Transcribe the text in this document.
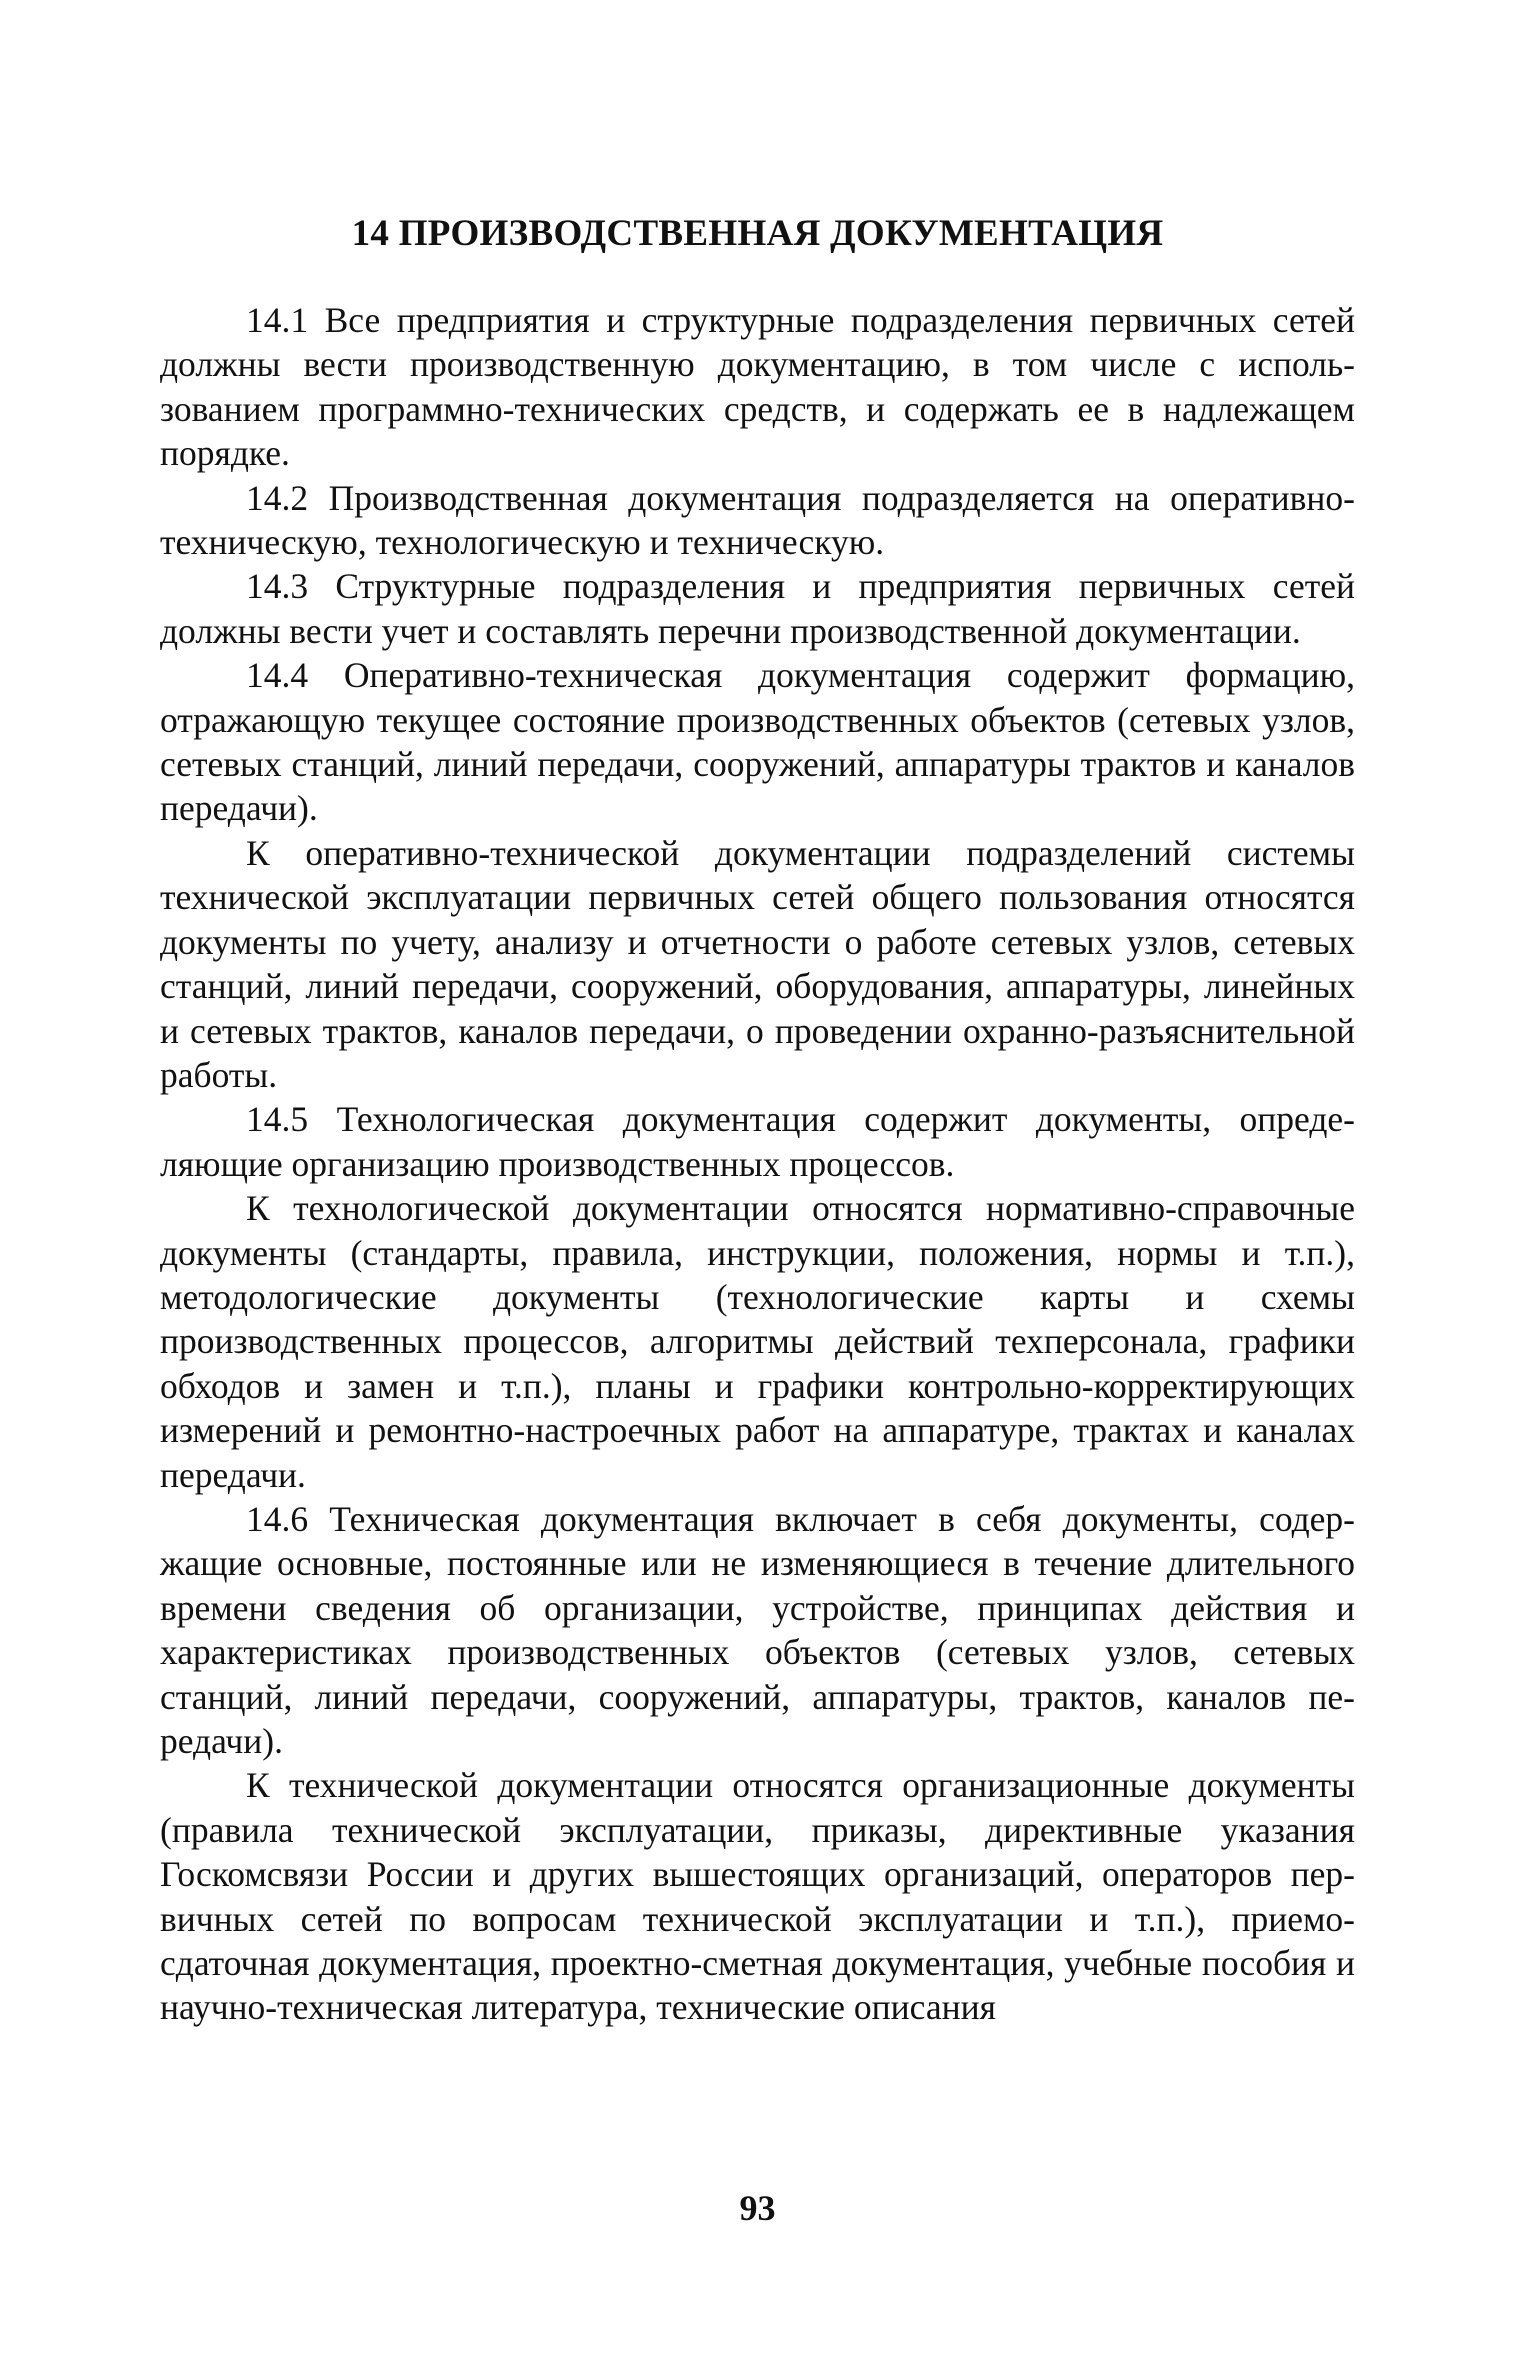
14 ПРОИЗВОДСТВЕННАЯ ДОКУМЕНТАЦИЯ

14.1 Все предприятия и структурные подразделения первичных сетей должны вести производственную документацию, в том числе с использованием программно-технических средств, и содержать ее в надлежащем порядке.

14.2 Производственная документация подразделяется на оперативно-техническую, технологическую и техническую.

14.3 Структурные подразделения и предприятия первичных сетей должны вести учет и составлять перечни производственной документации.

14.4 Оперативно-техническая документация содержит формацию, отражающую текущее состояние производственных объектов (сетевых узлов, сетевых станций, линий передачи, сооружений, аппаратуры трактов и каналов передачи).

К оперативно-технической документации подразделений системы технической эксплуатации первичных сетей общего пользования относятся документы по учету, анализу и отчетности о работе сетевых узлов, сетевых станций, линий передачи, сооружений, оборудования, аппаратуры, линейных и сетевых трактов, каналов передачи, о проведении охранно-разъяснительной работы.

14.5 Технологическая документация содержит документы, определяющие организацию производственных процессов.

К технологической документации относятся нормативно-справочные документы (стандарты, правила, инструкции, положения, нормы и т.п.), методологические документы (технологические карты и схемы производственных процессов, алгоритмы действий техперсонала, графики обходов и замен и т.п.), планы и графики контрольно-корректирующих измерений и ремонтно-настроечных работ на аппаратуре, трактах и каналах передачи.

14.6 Техническая документация включает в себя документы, содержащие основные, постоянные или не изменяющиеся в течение длительного времени сведения об организации, устройстве, принципах действия и характеристиках производственных объектов (сетевых узлов, сетевых станций, линий передачи, сооружений, аппаратуры, трактов, каналов передачи).

К технической документации относятся организационные документы (правила технической эксплуатации, приказы, директивные указания Госкомсвязи России и других вышестоящих организаций, операторов первичных сетей по вопросам технической эксплуатации и т.п.), приемо-сдаточная документация, проектно-сметная документация, учебные пособия и научно-техническая литература, технические описания

93
